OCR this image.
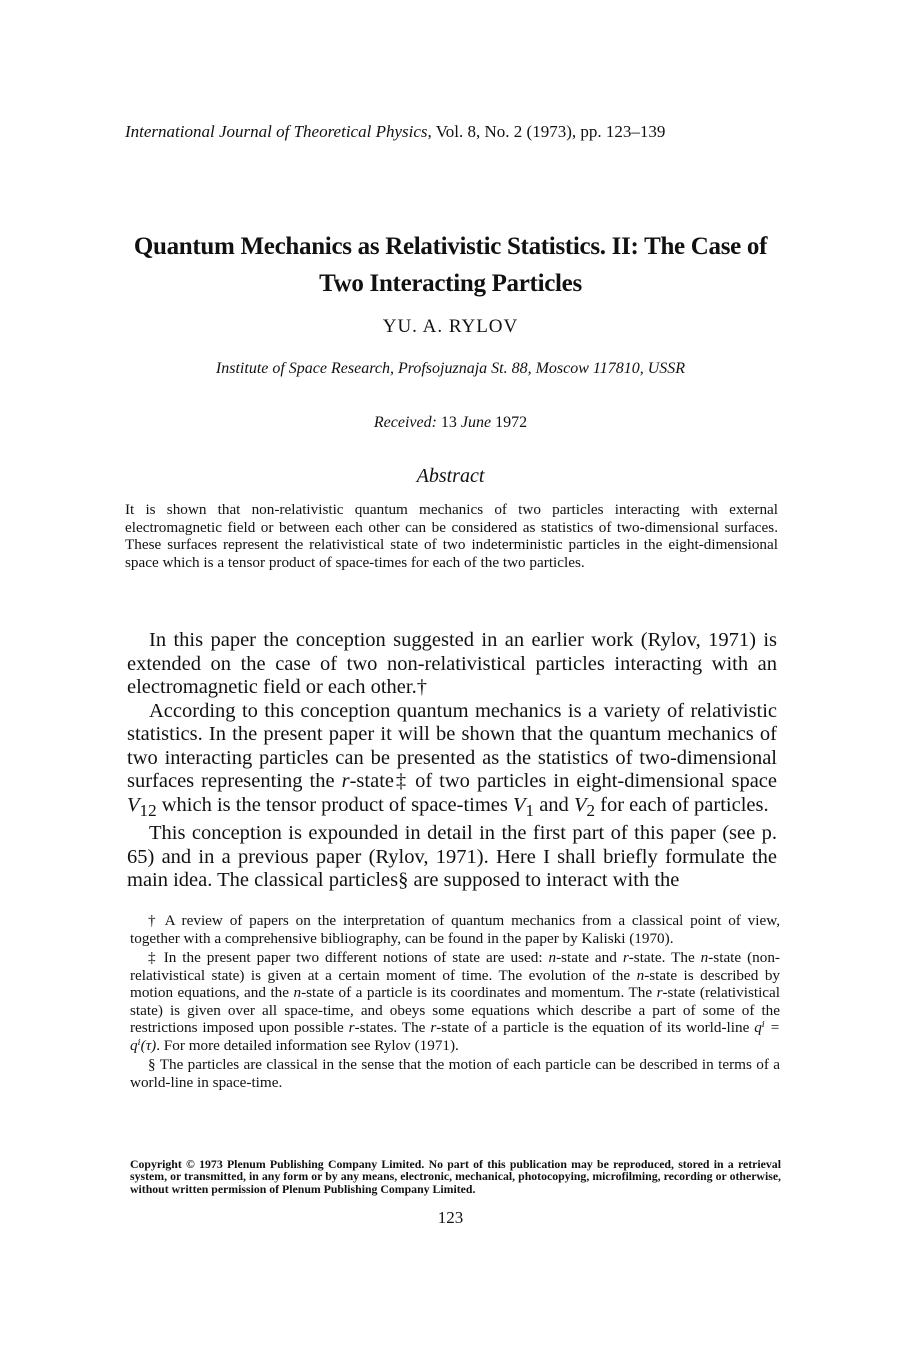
International Journal of Theoretical Physics, Vol. 8, No. 2 (1973), pp. 123–139
Quantum Mechanics as Relativistic Statistics. II: The Case of
Two Interacting Particles
YU. A. RYLOV
Institute of Space Research, Profsojuznaja St. 88, Moscow 117810, USSR
Received: 13 June 1972
Abstract
It is shown that non-relativistic quantum mechanics of two particles interacting with external electromagnetic field or between each other can be considered as statistics of two-dimensional surfaces. These surfaces represent the relativistical state of two indeterministic particles in the eight-dimensional space which is a tensor product of space-times for each of the two particles.

In this paper the conception suggested in an earlier work (Rylov, 1971) is extended on the case of two non-relativistical particles interacting with an electromagnetic field or each other.†

According to this conception quantum mechanics is a variety of relativistic statistics. In the present paper it will be shown that the quantum mechanics of two interacting particles can be presented as the statistics of two-dimensional surfaces representing the r-state‡ of two particles in eight-dimensional space $V_{12}$ which is the tensor product of space-times $V_1$ and $V_2$ for each of particles.

This conception is expounded in detail in the first part of this paper (see p. 65) and in a previous paper (Rylov, 1971). Here I shall briefly formulate the main idea. The classical particles§ are supposed to interact with the

† A review of papers on the interpretation of quantum mechanics from a classical point of view, together with a comprehensive bibliography, can be found in the paper by Kaliski (1970).

‡ In the present paper two different notions of state are used: n-state and r-state. The n-state (non-relativistical state) is given at a certain moment of time. The evolution of the n-state is described by motion equations, and the n-state of a particle is its coordinates and momentum. The r-state (relativistical state) is given over all space-time, and obeys some equations which describe a part of some of the restrictions imposed upon possible r-states. The r-state of a particle is the equation of its world-line qⁱ = qⁱ(τ). For more detailed information see Rylov (1971).

§ The particles are classical in the sense that the motion of each particle can be described in terms of a world-line in space-time.

Copyright © 1973 Plenum Publishing Company Limited. No part of this publication may be reproduced, stored in a retrieval system, or transmitted, in any form or by any means, electronic, mechanical, photocopying, microfilming, recording or otherwise, without written permission of Plenum Publishing Company Limited.
123
